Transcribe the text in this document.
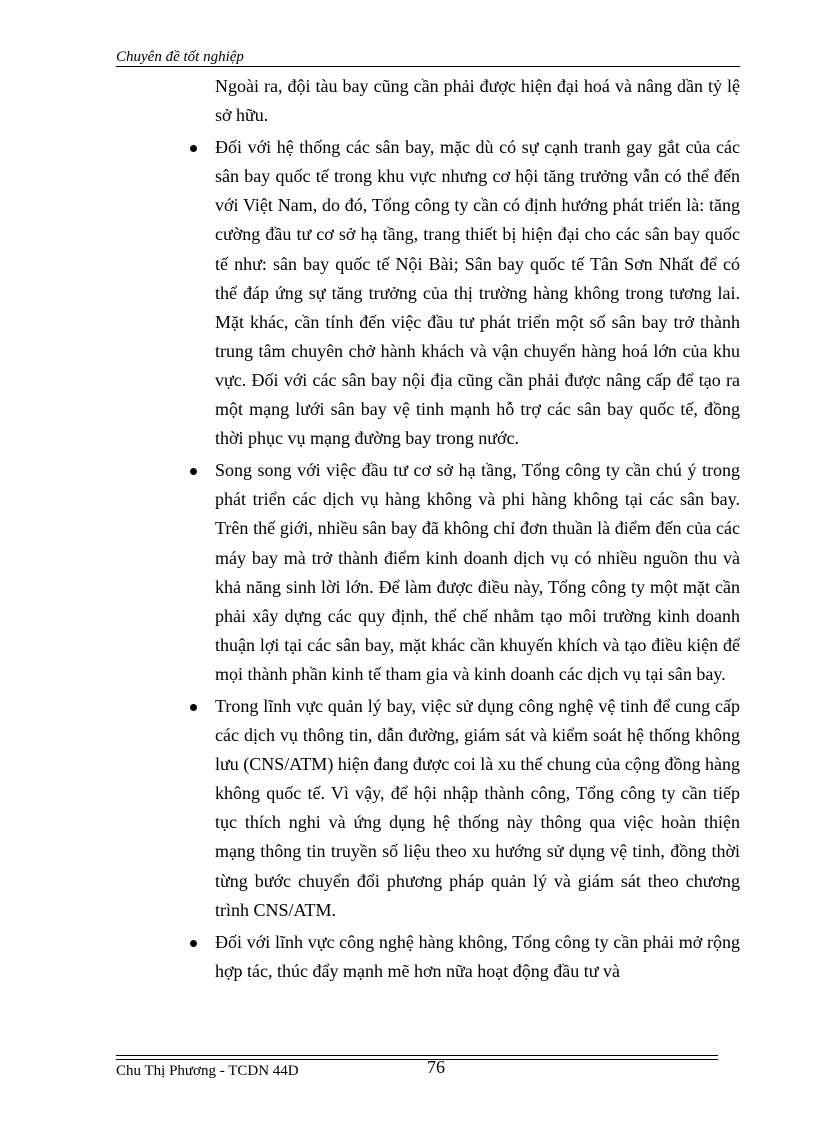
Chuyên đề tốt nghiệp
Ngoài ra, đội tàu bay cũng cần phải được hiện đại hoá và nâng dần tỷ lệ sở hữu.
Đối với hệ thống các sân bay, mặc dù có sự cạnh tranh gay gắt của các sân bay quốc tế trong khu vực nhưng cơ hội tăng trưởng vẫn có thể đến với Việt Nam, do đó, Tổng công ty cần có định hướng phát triển là: tăng cường đầu tư cơ sở hạ tầng, trang thiết bị hiện đại cho các sân bay quốc tế như: sân bay quốc tế Nội Bài; Sân bay quốc tế Tân Sơn Nhất để có thể đáp ứng sự tăng trưởng của thị trường hàng không trong tương lai. Mặt khác, cần tính đến việc đầu tư phát triển một số sân bay trở thành trung tâm chuyên chở hành khách và vận chuyển hàng hoá lớn của khu vực. Đối với các sân bay nội địa cũng cần phải được nâng cấp để tạo ra một mạng lưới sân bay vệ tinh mạnh hỗ trợ các sân bay quốc tế, đồng thời phục vụ mạng đường bay trong nước.
Song song với việc đầu tư cơ sở hạ tầng, Tổng công ty cần chú ý trong phát triển các dịch vụ hàng không và phi hàng không tại các sân bay. Trên thế giới, nhiều sân bay đã không chỉ đơn thuần là điểm đến của các máy bay mà trở thành điểm kinh doanh dịch vụ có nhiều nguồn thu và khả năng sinh lời lớn. Để làm được điều này, Tổng công ty một mặt cần phải xây dựng các quy định, thể chế nhằm tạo môi trường kinh doanh thuận lợi tại các sân bay, mặt khác cần khuyến khích và tạo điều kiện để mọi thành phần kinh tế tham gia và kinh doanh các dịch vụ tại sân bay.
Trong lĩnh vực quản lý bay, việc sử dụng công nghệ vệ tinh để cung cấp các dịch vụ thông tin, dẫn đường, giám sát và kiểm soát hệ thống không lưu (CNS/ATM) hiện đang được coi là xu thế chung của cộng đồng hàng không quốc tế. Vì vậy, để hội nhập thành công, Tổng công ty cần tiếp tục thích nghi và ứng dụng hệ thống này thông qua việc hoàn thiện mạng thông tin truyền số liệu theo xu hướng sử dụng vệ tinh, đồng thời từng bước chuyển đổi phương pháp quản lý và giám sát theo chương trình CNS/ATM.
Đối với lĩnh vực công nghệ hàng không, Tổng công ty cần phải mở rộng hợp tác, thúc đẩy mạnh mẽ hơn nữa hoạt động đầu tư và
Chu Thị Phương - TCDN 44D	76
